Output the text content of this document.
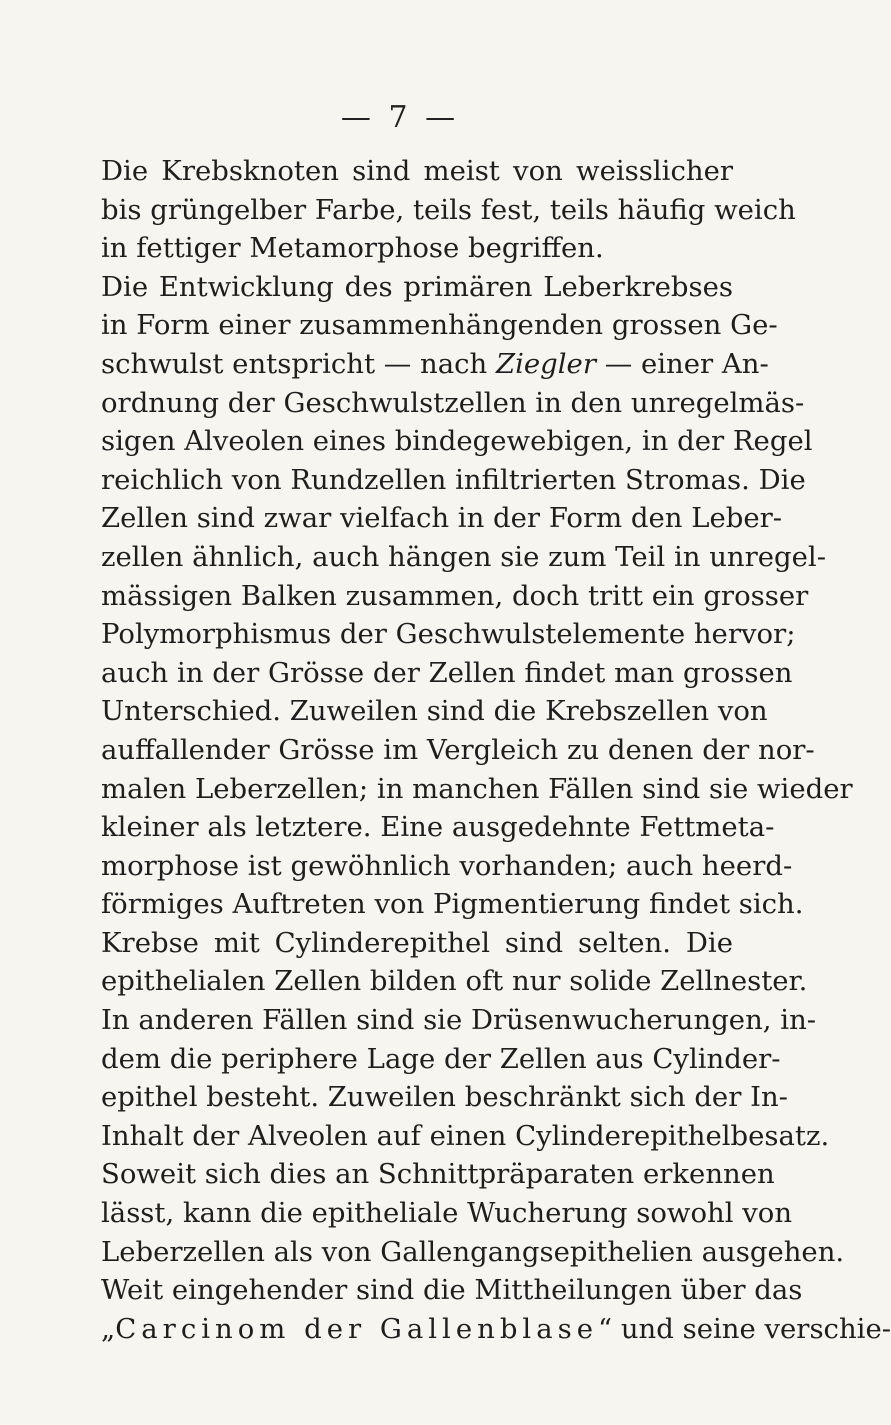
— 7 —

Die Krebsknoten sind meist von weisslicher
bis grüngelber Farbe, teils fest, teils häufig weich
in fettiger Metamorphose begriffen.

Die Entwicklung des primären Leberkrebses
in Form einer zusammenhängenden grossen Ge-
schwulst entspricht — nach Ziegler — einer An-
ordnung der Geschwulstzellen in den unregelmäs-
sigen Alveolen eines bindegewebigen, in der Regel
reichlich von Rundzellen infiltrierten Stromas. Die
Zellen sind zwar vielfach in der Form den Leber-
zellen ähnlich, auch hängen sie zum Teil in unregel-
mässigen Balken zusammen, doch tritt ein grosser
Polymorphismus der Geschwulstelemente hervor;
auch in der Grösse der Zellen findet man grossen
Unterschied. Zuweilen sind die Krebszellen von
auffallender Grösse im Vergleich zu denen der nor-
malen Leberzellen; in manchen Fällen sind sie wieder
kleiner als letztere. Eine ausgedehnte Fettmeta-
morphose ist gewöhnlich vorhanden; auch heerd-
förmiges Auftreten von Pigmentierung findet sich.

Krebse mit Cylinderepithel sind selten. Die
epithelialen Zellen bilden oft nur solide Zellnester.
In anderen Fällen sind sie Drüsenwucherungen, in-
dem die periphere Lage der Zellen aus Cylinder-
epithel besteht. Zuweilen beschränkt sich der In-
Inhalt der Alveolen auf einen Cylinderepithelbesatz.
Soweit sich dies an Schnittpräparaten erkennen
lässt, kann die epitheliale Wucherung sowohl von
Leberzellen als von Gallengangsepithelien ausgehen.

Weit eingehender sind die Mittheilungen über das
„Carcinom der Gallenblase“ und seine verschie-
